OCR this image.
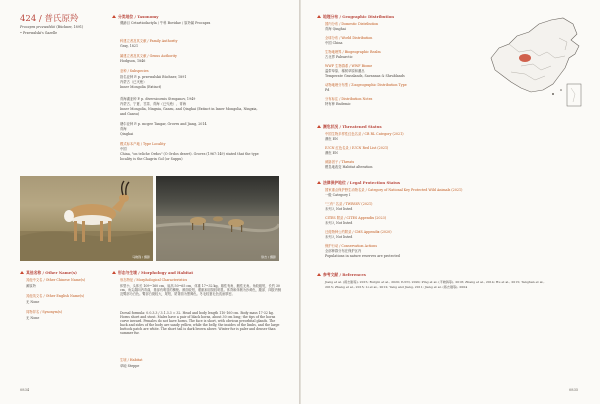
424 / 普氏原羚
Procapra przewalskii (Büchner, 1891)
• Przewalski's Gazelle
分类地位 / Taxonomy
偶蹄目 Cetartiodactyla / 牛科 Bovidae / 原羚属 Procapra
科建立者及其文献 / Family Authority
Gray, 1821
属建立者及其文献 / Genus Authority
Hodgson, 1846
亚种 / Subspecies
指名亚种 P. p. przewalskii Büchner, 1891
内蒙古（已灭绝）
Inner Mongolia (Extinct)
青海湖亚种 P. p. diversicornis Stroganov, 1949
内蒙古、宁夏、甘肃、青海（已灭绝）、青海
Inner Mongolia, Ningxia, Gansu, and Qinghai (Extinct in Inner Mongolia, Ningxia,
and Gansu)
塘尔亚种 P. p. mcgee Tangar, Groves and Jiang, 2014
青海
Qinghai
模式标本产地 / Type Locality
中国
China, "on teliche Ordos" (O Ordos desert). Groves (1967:149) stated that the type
locality is the Chagrin Gol (or Suppu)
马晓锋 / 摄影	徐吉 / 摄影
其他名称 / Other Name(s)
其他中文名 / Other Chinese Name(s)
滩原羚
其他英文名 / Other English Name(s)
无 None
同物异名 / Synonym(s)
无 None
形态与生境 / Morphology and Habitat
形态特征 / Morphological Characteristics
体型小，头体长 109~160 cm，肩高 50~65 cm，体重 17~32 kg。雄性有角，雌性无角。角较粗短，长约 30 cm，角尖端向内弯曲，基部有明显的横棱。颜面较短，眼眶和泪窝较明显。体背和体侧为沙黄色，腹部、四肢内侧及臀部为白色。臀部白斑较大，尾短，尾背面为黑褐色。冬毛较夏毛色浅而厚密。
Dorsal formula: 0.0.3.3 / 3.1.3.3 = 32. Head and body length 110-160 cm. Body mass 17-32 kg. Horns short and stout. Males have a pair of black horns, about 30 cm long; the tips of the horns curve inward. Females do not have horns. The face is short, with obvious preorbital glands. The back and sides of the body are sandy yellow, while the belly, the insides of the limbs, and the large buttock patch are white. The short tail is dark brown above. Winter fur is paler and denser than summer fur.
生境 / Habitat
草地 Steppe
0834
地理分布 / Geographic Distribution
国内分布 / Domestic Distribution
青海 Qinghai
全球分布 / World Distribution
中国 China
生物地理界 / Biogeographic Realm
古北界 Palearctic
WWF 生物群系 / WWF Biome
温带草原、稀树草原和灌丛
Temperate Grasslands, Savannas & Shrublands
动物地理分布型 / Zoogeographic Distribution Type
Pd
分布标注 / Distribution Notes
特有种 Endemic
濒危状况 / Threatened Status
中国生物多样性红色名录 / CB RL Category (2021)
濒危 EN
IUCN 红色名录 / IUCN Red List (2021)
濒危 EN
威胁因子 / Threats
栖息地改变 Habitat alteration
法律保护地位 / Legal Protection Status
国家重点保护野生动物名录 / Category of National Key Protected Wild Animals (2021)
一级 Category I
"三有" 名录 / TWRSSV (2021)
未列入 Not listed
CITES 附录 / CITES Appendix (2023)
未列入 Not listed
迁徙物种公约附录 / CMS Appendix (2020)
未列入 Not listed
保护行动 / Conservation Actions
全部种群分布在保护区内
Populations in nature reserves are protected
参考文献 / References
Jiang et al. (蒋志刚等), 2015; Burgin et al., 2020; IUCN, 2020; Ping et al. (平晓鸽等), 2018; Zhang et al., 2014; Hu et al., 2015; Tanghan et al.,
2015; Zhang et al., 2015; Li et al., 2012; Yang and Jiang, 2011; Jiang et al. (蒋志刚等), 2004
0835
